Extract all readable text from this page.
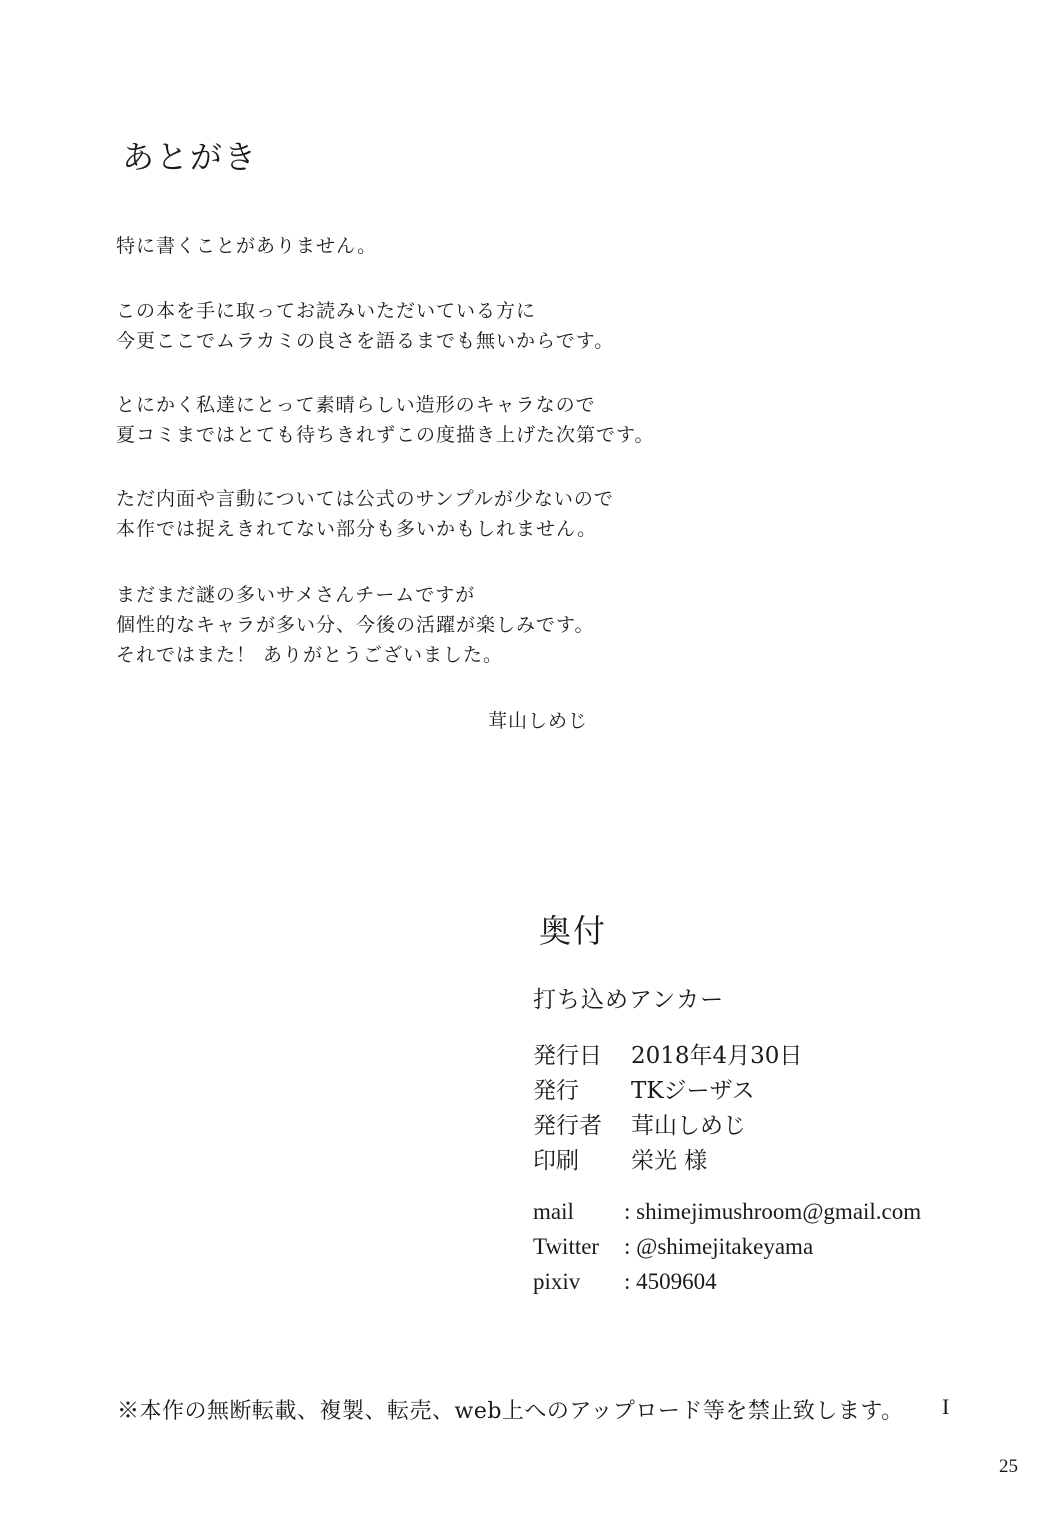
あとがき
特に書くことがありません。
この本を手に取ってお読みいただいている方に
今更ここでムラカミの良さを語るまでも無いからです。
とにかく私達にとって素晴らしい造形のキャラなので
夏コミまではとても待ちきれずこの度描き上げた次第です。
ただ内面や言動については公式のサンプルが少ないので
本作では捉えきれてない部分も多いかもしれません。
まだまだ謎の多いサメさんチームですが
個性的なキャラが多い分、今後の活躍が楽しみです。
それではまた！ ありがとうございました。
茸山しめじ
奥付
打ち込めアンカー
発行日 2018年4月30日
発行 TKジーザス
発行者 茸山しめじ
印刷 栄光 様
mail : shimejimushroom@gmail.com
Twitter : @shimejitakeyama
pixiv : 4509604
※本作の無断転載、複製、転売、web上へのアップロード等を禁止致します。 I
25
